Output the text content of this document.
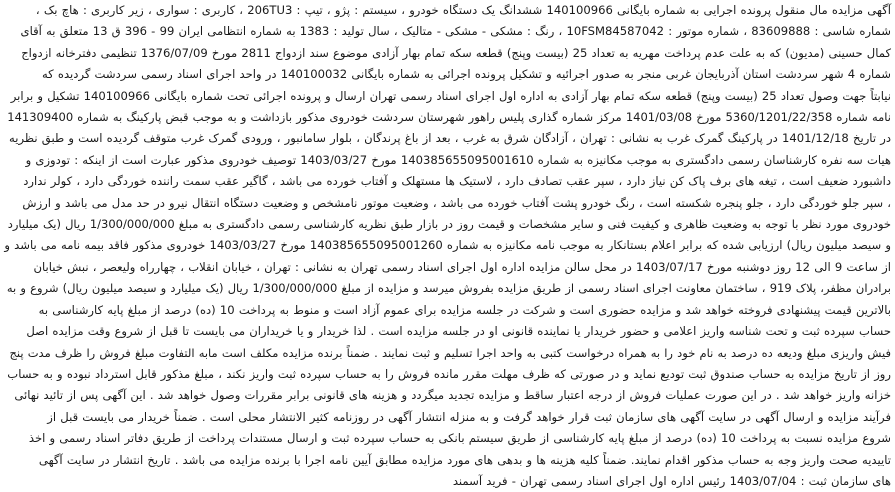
آگهی مزایده مال منقول پرونده اجرایی به شماره بایگانی 140100966 ششدانگ یک دستگاه خودرو ، سیستم : پژو ، تیپ : 206TU3 ، کاربری : سواری ، زیر کاربری : هاچ بک ،
شماره شاسی : 83609888 ، شماره موتور : 10FSM84587042 ، رنگ : مشکی - مشکی - متالیک ، سال تولید : 1383 به شماره انتظامی ایران 99 - 396 ق 13 متعلق به آقای
کمال حسینی (مدیون) که به علت عدم پرداخت مهریه به تعداد 25 (بیست وپنج) قطعه سکه تمام بهار آزادی موضوع سند ازدواج 2811 مورخ 1376/07/09 تنظیمی دفترخانه ازدواج
شماره 4 شهر سردشت استان آذربایجان غربی منجر به صدور اجرائیه و تشکیل پرونده اجرائی به شماره بایگانی 140100032 در واحد اجرای اسناد رسمی سردشت گردیده که
نیابتاً جهت وصول تعداد 25 (بیست وپنج) قطعه سکه تمام بهار آزادی به اداره اول اجرای اسناد رسمی تهران ارسال و پرونده اجرائی تحت شماره بایگانی 140100966 تشکیل و برابر
نامه شماره 5360/1201/22/358 مورخ 1401/03/08 مرکز شماره گذاری پلیس راهور شهرستان سردشت خودروی مذکور بازداشت و به موجب قبض پارکینگ به شماره 141309400
در تاریخ 1401/12/18 در پارکینگ گمرک غرب به نشانی : تهران ، آزادگان شرق به غرب ، بعد از باغ پرندگان ، بلوار سامانبور ، ورودی گمرک غرب متوقف گردیده است و طبق نظریه
هیات سه نفره کارشناسان رسمی دادگستری به موجب مکانیزه به شماره 140385655095001610 مورخ 1403/03/27 توصیف خودروی مذکور عبارت است از اینکه : تودوزی و
داشبورد ضعیف است ، تیغه های برف پاک کن نیاز دارد ، سپر عقب تصادف دارد ، لاستیک ها مستهلک و آفتاب خورده می باشد ، گاگیر عقب سمت راننده خوردگی دارد ، کولر ندارد
، سپر جلو خوردگی دارد ، جلو پنجره شکسته است ، رنگ خودرو پشت آفتاب خورده می باشد ، وضعیت موتور نامشخص و وضعیت دستگاه انتقال نیرو در حد مدل می باشد و ارزش
خودروی مورد نظر با توجه به وضعیت ظاهری و کیفیت فنی و سایر مشخصات و قیمت روز در بازار طبق نظریه کارشناسی رسمی دادگستری به مبلغ 1/300/000/000 ریال (یک میلیارد
و سیصد میلیون ریال) ارزیابی شده که برابر اعلام بستانکار به موجب نامه مکانیزه به شماره 140385655095001260 مورخ 1403/03/27 خودروی مذکور فاقد بیمه نامه می باشد و
از ساعت 9 الی 12 روز دوشنبه مورخ 1403/07/17 در محل سالن مزایده اداره اول اجرای اسناد رسمی تهران به نشانی : تهران ، خیابان انقلاب ، چهارراه ولیعصر ، نبش خیابان
برادران مظفر، پلاک 919 ، ساختمان معاونت اجرای اسناد رسمی از طریق مزایده بفروش میرسد و مزایده از مبلغ 1/300/000/000 ریال (یک میلیارد و سیصد میلیون ریال) شروع و به
بالاترین قیمت پیشنهادی فروخته خواهد شد و مزایده حضوری است و شرکت در جلسه مزایده برای عموم آزاد است و منوط به پرداخت 10 (ده) درصد از مبلغ پایه کارشناسی به
حساب سپرده ثبت و تحت شناسه واریز اعلامی و حضور خریدار یا نماینده قانونی او در جلسه مزایده است . لذا خریدار و یا خریداران می بایست تا قبل از شروع وقت مزایده اصل
فیش واریزی مبلغ ودیعه ده درصد به نام خود را به همراه درخواست کتبی به واحد اجرا تسلیم و ثبت نمایند . ضمناً برنده مزایده مکلف است مابه التفاوت مبلغ فروش را ظرف مدت پنج
روز از تاریخ مزایده به حساب صندوق ثبت تودیع نماید و در صورتی که ظرف مهلت مقرر مانده فروش را به حساب سپرده ثبت واریز نکند ، مبلغ مذکور قابل استرداد نبوده و به حساب
خزانه واریز خواهد شد . در این صورت عملیات فروش از درجه اعتبار ساقط و مزایده تجدید میگردد و هزینه های قانونی برابر مقررات وصول خواهد شد . این آگهی پس از تائید نهائی
فرآیند مزایده و ارسال آگهی در سایت آگهی های سازمان ثبت قرار خواهد گرفت و به منزله انتشار آگهی در روزنامه کثیر الانتشار محلی است . ضمناً خریدار می بایست قبل از
شروع مزایده نسبت به پرداخت 10 (ده) درصد از مبلغ پایه کارشناسی از طریق سیستم بانکی به حساب سپرده ثبت و ارسال مستندات پرداخت از طریق دفاتر اسناد رسمی و اخذ
تاییدیه صحت واریز وجه به حساب مذکور اقدام نمایند. ضمناً کلیه هزینه ها و بدهی های مورد مزایده مطابق آیین نامه اجرا با برنده مزایده می باشد . تاریخ انتشار در سایت آگهی
های سازمان ثبت : 1403/07/04 رئیس اداره اول اجرای اسناد رسمی تهران - فرید آسمند
